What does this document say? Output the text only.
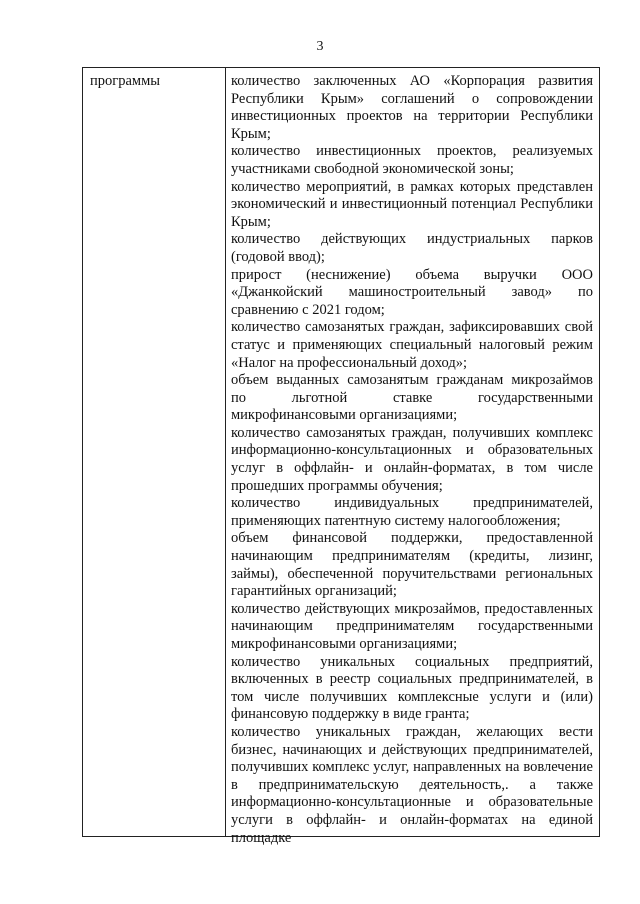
3
программы	количество заключенных АО «Корпорация развития Республики Крым» соглашений о сопровождении инвестиционных проектов на территории Республики Крым;

количество инвестиционных проектов, реализуемых участниками свободной экономической зоны;

количество мероприятий, в рамках которых представлен экономический и инвестиционный потенциал Республики Крым;

количество действующих индустриальных парков (годовой ввод);

прирост (неснижение) объема выручки ООО «Джанкойский машиностроительный завод» по сравнению с 2021 годом;

количество самозанятых граждан, зафиксировавших свой статус и применяющих специальный налоговый режим «Налог на профессиональный доход»;

объем выданных самозанятым гражданам микрозаймов по льготной ставке государственными микрофинансовыми организациями;

количество самозанятых граждан, получивших комплекс информационно-консультационных и образовательных услуг в оффлайн- и онлайн-форматах, в том числе прошедших программы обучения;

количество индивидуальных предпринимателей, применяющих патентную систему налогообложения;

объем финансовой поддержки, предоставленной начинающим предпринимателям (кредиты, лизинг, займы), обеспеченной поручительствами региональных гарантийных организаций;

количество действующих микрозаймов, предоставленных начинающим предпринимателям государственными микрофинансовыми организациями;

количество уникальных социальных предприятий, включенных в реестр социальных предпринимателей, в том числе получивших комплексные услуги и (или) финансовую поддержку в виде гранта;

количество уникальных граждан, желающих вести бизнес, начинающих и действующих предпринимателей, получивших комплекс услуг, направленных на вовлечение в предпринимательскую деятельность,. а также информационно-консультационные и образовательные услуги в оффлайн- и онлайн-форматах на единой площадке
